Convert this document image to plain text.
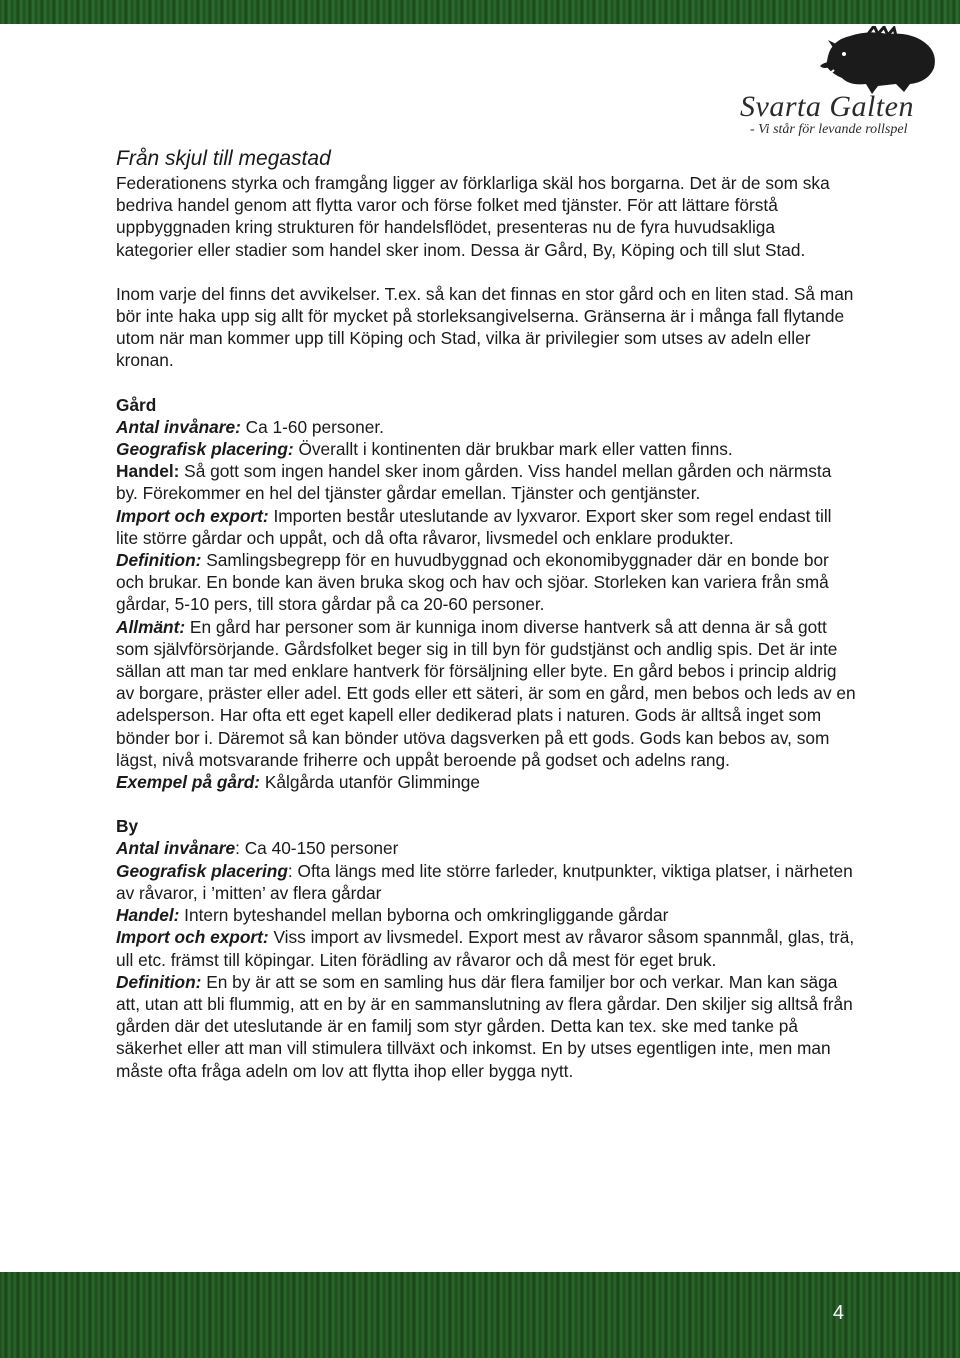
Svarta Galten
- Vi står för levande rollspel
Från skjul till megastad

Federationens styrka och framgång ligger av förklarliga skäl hos borgarna. Det är de som ska bedriva handel genom att flytta varor och förse folket med tjänster. För att lättare förstå uppbyggnaden kring strukturen för handelsflödet, presenteras nu de fyra huvudsakliga kategorier eller stadier som handel sker inom. Dessa är Gård, By, Köping och till slut Stad.

Inom varje del finns det avvikelser. T.ex. så kan det finnas en stor gård och en liten stad. Så man bör inte haka upp sig allt för mycket på storleksangivelserna. Gränserna är i många fall flytande utom när man kommer upp till Köping och Stad, vilka är privilegier som utses av adeln eller kronan.

Gård

Antal invånare: Ca 1-60 personer.

Geografisk placering: Överallt i kontinenten där brukbar mark eller vatten finns.

Handel: Så gott som ingen handel sker inom gården. Viss handel mellan gården och närmsta by. Förekommer en hel del tjänster gårdar emellan. Tjänster och gentjänster.

Import och export: Importen består uteslutande av lyxvaror. Export sker som regel endast till lite större gårdar och uppåt, och då ofta råvaror, livsmedel och enklare produkter.

Definition: Samlingsbegrepp för en huvudbyggnad och ekonomibyggnader där en bonde bor och brukar. En bonde kan även bruka skog och hav och sjöar. Storleken kan variera från små gårdar, 5-10 pers, till stora gårdar på ca 20-60 personer.

Allmänt: En gård har personer som är kunniga inom diverse hantverk så att denna är så gott som självförsörjande. Gårdsfolket beger sig in till byn för gudstjänst och andlig spis. Det är inte sällan att man tar med enklare hantverk för försäljning eller byte. En gård bebos i princip aldrig av borgare, präster eller adel. Ett gods eller ett säteri, är som en gård, men bebos och leds av en adelsperson. Har ofta ett eget kapell eller dedikerad plats i naturen. Gods är alltså inget som bönder bor i. Däremot så kan bönder utöva dagsverken på ett gods. Gods kan bebos av, som lägst, nivå motsvarande friherre och uppåt beroende på godset och adelns rang.

Exempel på gård: Kålgårda utanför Glimminge

By

Antal invånare: Ca 40-150 personer

Geografisk placering: Ofta längs med lite större farleder, knutpunkter, viktiga platser, i närheten av råvaror, i ’mitten’ av flera gårdar

Handel: Intern byteshandel mellan byborna och omkringliggande gårdar

Import och export: Viss import av livsmedel. Export mest av råvaror såsom spannmål, glas, trä, ull etc. främst till köpingar. Liten förädling av råvaror och då mest för eget bruk.

Definition: En by är att se som en samling hus där flera familjer bor och verkar. Man kan säga att, utan att bli flummig, att en by är en sammanslutning av flera gårdar. Den skiljer sig alltså från gården där det uteslutande är en familj som styr gården. Detta kan tex. ske med tanke på säkerhet eller att man vill stimulera tillväxt och inkomst. En by utses egentligen inte, men man måste ofta fråga adeln om lov att flytta ihop eller bygga nytt.

4
